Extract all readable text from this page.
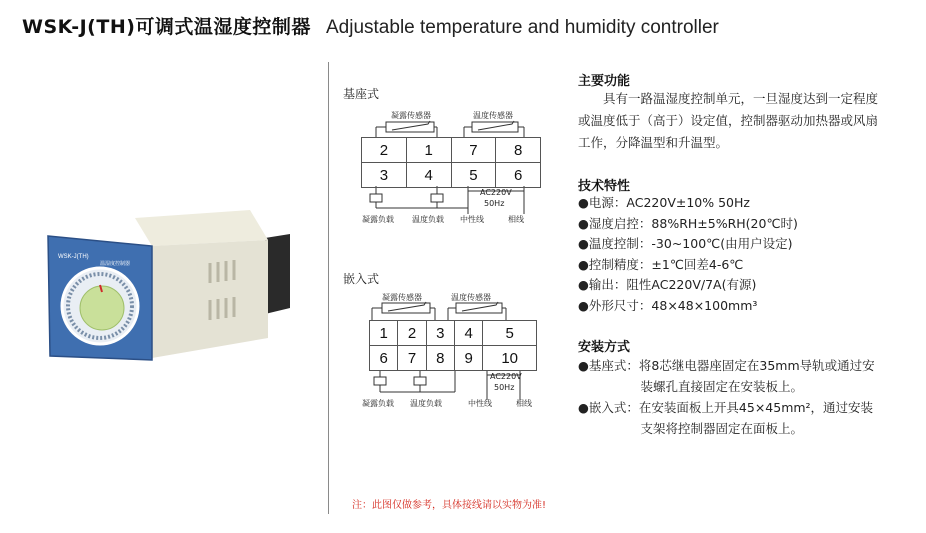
WSK-J(TH)可调式温湿度控制器 Adjustable temperature and humidity controller
WSK-J(TH)
温湿度控制器
基座式
凝露传感器	温度传感器
2	1	7	8
3	4	5	6
AC220V
50Hz
凝露负载 温度负载 中性线	相线
嵌入式
凝露传感器	温度传感器
1	2	3	4	5
6	7	8	9	10
AC220V
50Hz
凝露负载 温度负载	中性线	相线
主要功能
　　具有一路温湿度控制单元，一旦湿度达到一定程度
或温度低于（高于）设定值，控制器驱动加热器或风扇
工作，分降温型和升温型。
技术特性
●电源：AC220V±10% 50Hz
●湿度启控：88%RH±5%RH(20℃时)
●温度控制：-30~100℃(由用户设定)
●控制精度：±1℃回差4-6℃
●输出：阻性AC220V/7A(有源)
●外形尺寸：48×48×100mm³
安装方式
●基座式：将8芯继电器座固定在35mm导轨或通过安
　　　　　装螺孔直接固定在安装板上。
●嵌入式：在安装面板上开具45×45mm²，通过安装
　　　　　支架将控制器固定在面板上。
注：此图仅做参考，具体接线请以实物为准!
